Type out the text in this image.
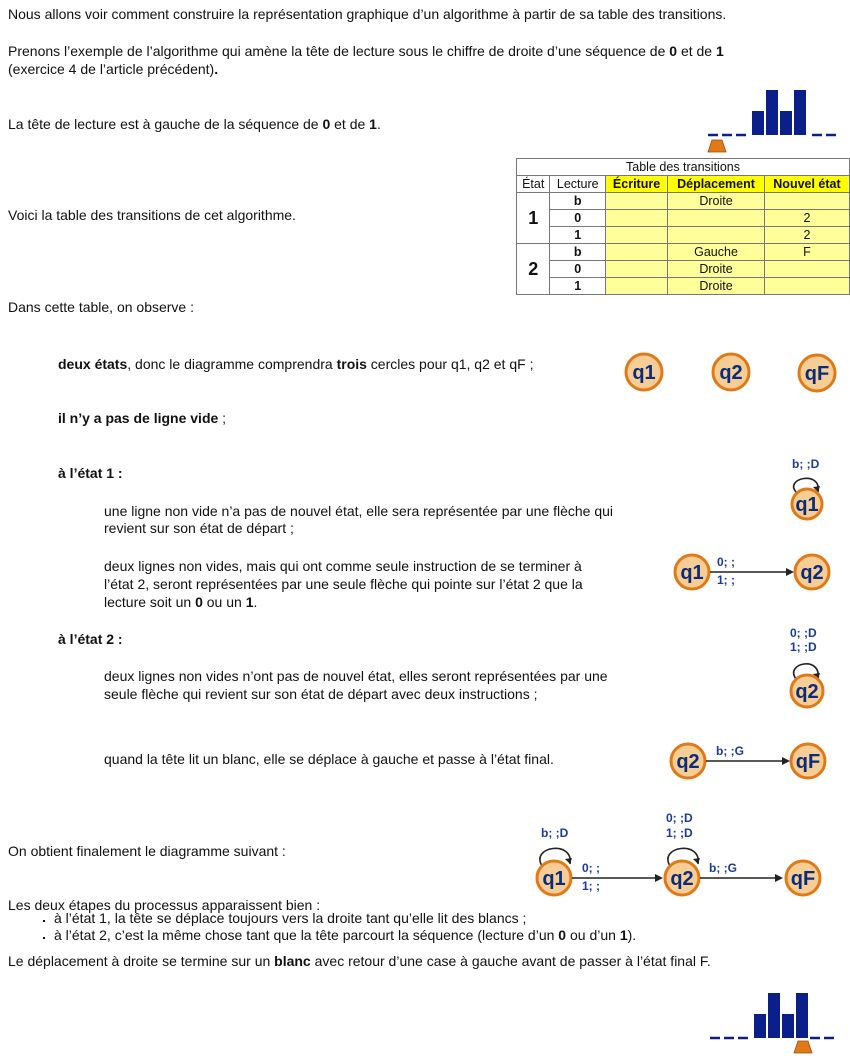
Nous allons voir comment construire la représentation graphique d’un algorithme à partir de sa table des transitions.

Prenons l’exemple de l’algorithme qui amène la tête de lecture sous le chiffre de droite d’une séquence de 0 et de 1

(exercice 4 de l’article précédent).

La tête de lecture est à gauche de la séquence de 0 et de 1.

Voici la table des transitions de cet algorithme.

Table des transitions				
État	Lecture	Écriture	Déplacement	Nouvel état
1	b		Droite	
	0			2
	1			2
2	b		Gauche	F
	0		Droite	
	1		Droite	

Dans cette table, on observe :

deux états, donc le diagramme comprendra trois cercles pour q1, q2 et qF ;	q1	q2	qF

il n’y a pas de ligne vide ;

à l’état 1 :

une ligne non vide n’a pas de nouvel état, elle sera représentée par une flèche qui

revient sur son état de départ ;

b; ;D
q1

deux lignes non vides, mais qui ont comme seule instruction de se terminer à

l’état 2, seront représentées par une seule flèche qui pointe sur l’état 2 que la

lecture soit un 0 ou un 1.

q1 0; ;
1; ;	q2

à l’état 2 :

deux lignes non vides n’ont pas de nouvel état, elles seront représentées par une

seule flèche qui revient sur son état de départ avec deux instructions ;

0; ;D
1; ;D
q2

quand la tête lit un blanc, elle se déplace à gauche et passe à l’état final.	q2 b; ;G	qF

On obtient finalement le diagramme suivant :

b; ;D
q1 0; ;
1; ;
0; ;D
1; ;D
q2 b; ;G	qF

Les deux étapes du processus apparaissent bien :

▪ à l’état 1, la tête se déplace toujours vers la droite tant qu’elle lit des blancs ;
▪ à l’état 2, c’est la même chose tant que la tête parcourt la séquence (lecture d’un 0 ou d’un 1).

Le déplacement à droite se termine sur un blanc avec retour d’une case à gauche avant de passer à l’état final F.
